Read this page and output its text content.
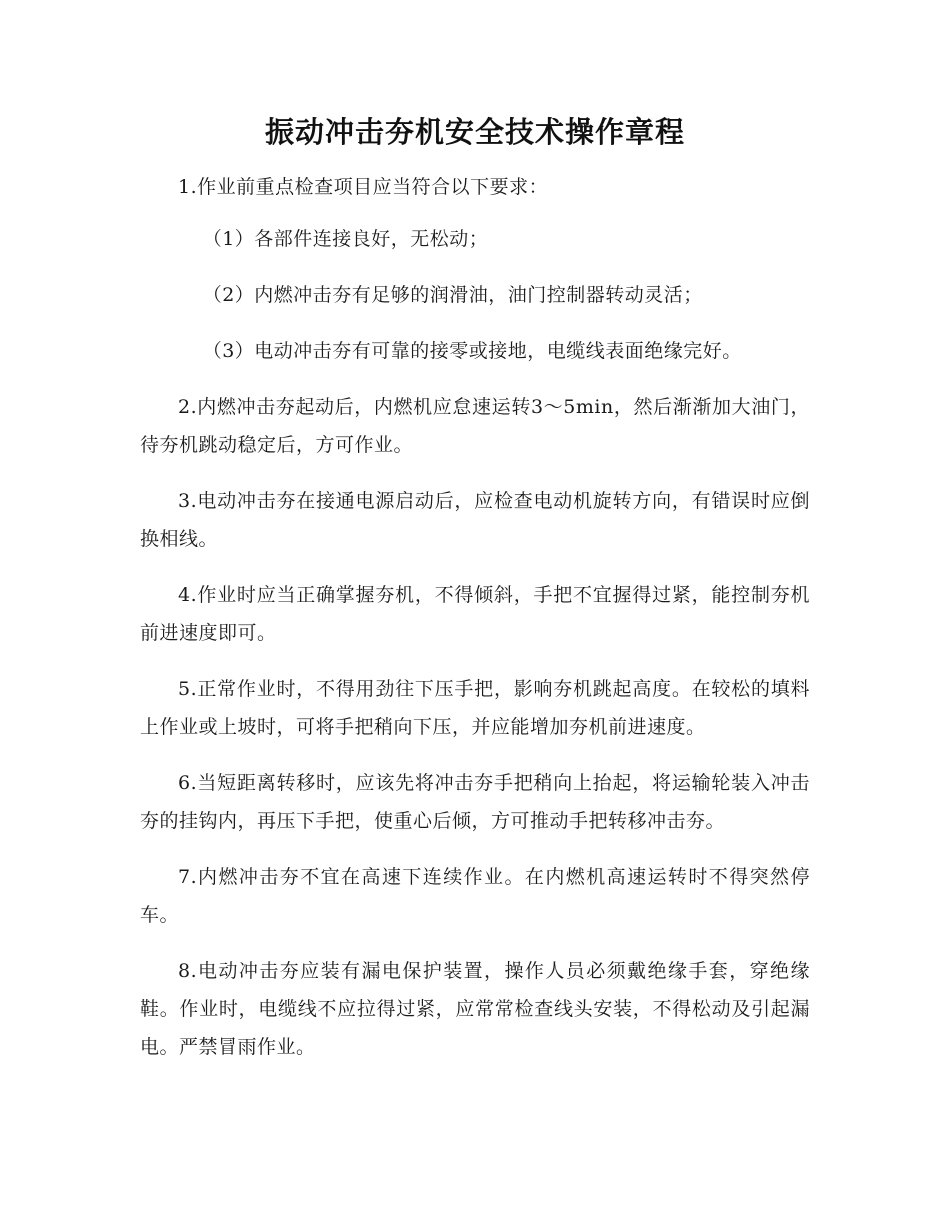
振动冲击夯机安全技术操作章程

1.作业前重点检查项目应当符合以下要求：

（1）各部件连接良好，无松动；

（2）内燃冲击夯有足够的润滑油，油门控制器转动灵活；

（3）电动冲击夯有可靠的接零或接地，电缆线表面绝缘完好。

2.内燃冲击夯起动后，内燃机应怠速运转3～5min，然后渐渐加大油门，待夯机跳动稳定后，方可作业。

3.电动冲击夯在接通电源启动后，应检查电动机旋转方向，有错误时应倒换相线。

4.作业时应当正确掌握夯机，不得倾斜，手把不宜握得过紧，能控制夯机前进速度即可。

5.正常作业时，不得用劲往下压手把，影响夯机跳起高度。在较松的填料上作业或上坡时，可将手把稍向下压，并应能增加夯机前进速度。

6.当短距离转移时，应该先将冲击夯手把稍向上抬起，将运输轮装入冲击夯的挂钩内，再压下手把，使重心后倾，方可推动手把转移冲击夯。

7.内燃冲击夯不宜在高速下连续作业。在内燃机高速运转时不得突然停车。

8.电动冲击夯应装有漏电保护装置，操作人员必须戴绝缘手套，穿绝缘鞋。作业时，电缆线不应拉得过紧，应常常检查线头安装，不得松动及引起漏电。严禁冒雨作业。
